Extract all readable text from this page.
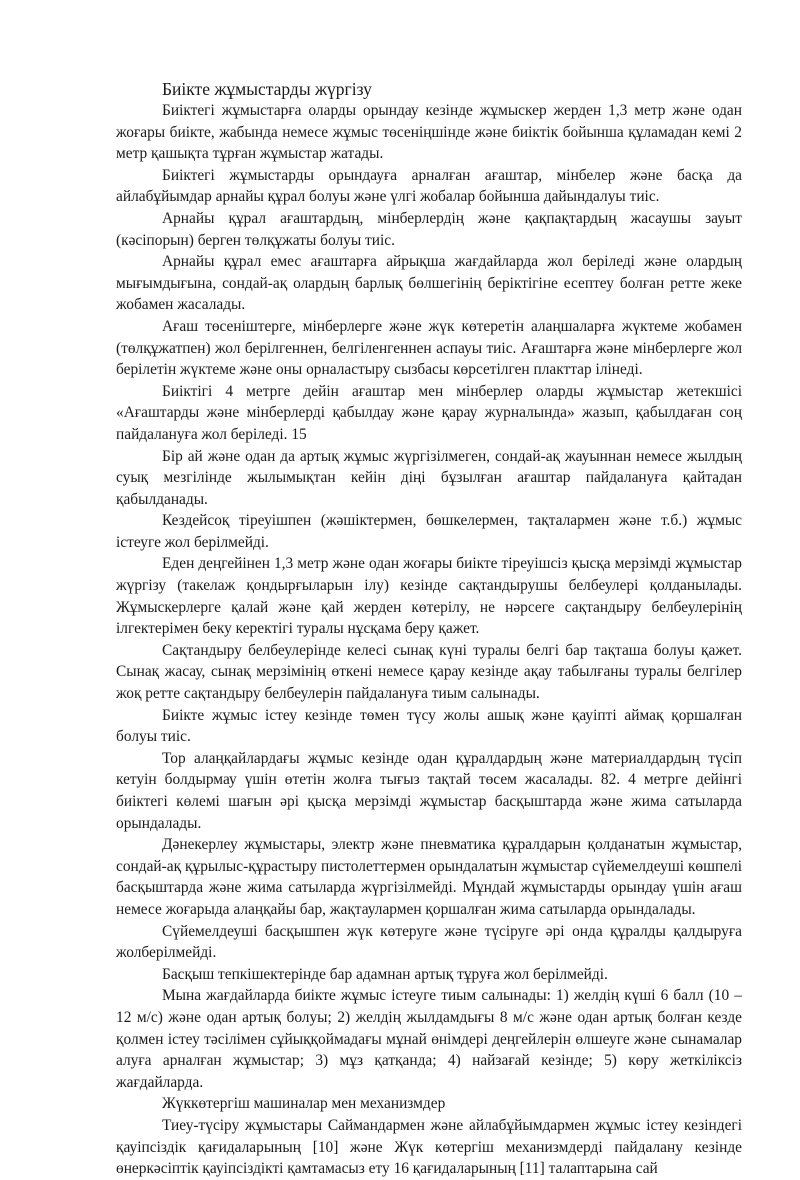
Биікте жұмыстарды жүргізу

Биіктегі жұмыстарға оларды орындау кезінде жұмыскер жерден 1,3 метр және одан жоғары биікте, жабында немесе жұмыс төсеніңшінде және биіктік бойынша құламадан кемі 2 метр қашықта тұрған жұмыстар жатады.

Биіктегі жұмыстарды орындауға арналған ағаштар, мінбелер және басқа да айлабұйымдар арнайы құрал болуы және үлгі жобалар бойынша дайындалуы тиіс.

Арнайы құрал ағаштардың, мінберлердің және қақпақтардың жасаушы зауыт (кәсіпорын) берген төлқұжаты болуы тиіс.

Арнайы құрал емес ағаштарға айрықша жағдайларда жол беріледі және олардың мығымдығына, сондай-ақ олардың барлық бөлшегінің беріктігіне есептеу болған ретте жеке жобамен жасалады.

Ағаш төсеніштерге, мінберлерге және жүк көтеретін алаңшаларға жүктеме жобамен (төлқұжатпен) жол берілгеннен, белгіленгеннен аспауы тиіс. Ағаштарға және мінберлерге жол берілетін жүктеме және оны орналастыру сызбасы көрсетілген плакттар ілінеді.

Биіктігі 4 метрге дейін ағаштар мен мінберлер оларды жұмыстар жетекшісі «Ағаштарды және мінберлерді қабылдау және қарау журналында» жазып, қабылдаған соң пайдалануға жол беріледі. 15

Бір ай және одан да артық жұмыс жүргізілмеген, сондай-ақ жауыннан немесе жылдың суық мезгілінде жылымықтан кейін діңі бұзылған ағаштар пайдалануға қайтадан қабылданады.

Кездейсоқ тіреуішпен (жәшіктермен, бөшкелермен, тақталармен және т.б.) жұмыс істеуге жол берілмейді.

Еден деңгейінен 1,3 метр және одан жоғары биікте тіреуішсіз қысқа мерзімді жұмыстар жүргізу (такелаж қондырғыларын ілу) кезінде сақтандырушы белбеулері қолданылады. Жұмыскерлерге қалай және қай жерден көтерілу, не нәрсеге сақтандыру белбеулерінің ілгектерімен беку керектігі туралы нұсқама беру қажет.

Сақтандыру белбеулерінде келесі сынақ күні туралы белгі бар тақташа болуы қажет. Сынақ жасау, сынақ мерзімінің өткені немесе қарау кезінде ақау табылғаны туралы белгілер жоқ ретте сақтандыру белбеулерін пайдалануға тиым салынады.

Биікте жұмыс істеу кезінде төмен түсу жолы ашық және қауіпті аймақ қоршалған болуы тиіс.

Тор алаңқайлардағы жұмыс кезінде одан құралдардың және материалдардың түсіп кетуін болдырмау үшін өтетін жолға тығыз тақтай төсем жасалады. 82. 4 метрге дейінгі биіктегі көлемі шағын әрі қысқа мерзімді жұмыстар басқыштарда және жима сатыларда орындалады.

Дәнекерлеу жұмыстары, электр және пневматика құралдарын қолданатын жұмыстар, сондай-ақ құрылыс-құрастыру пистолеттермен орындалатын жұмыстар сүйемелдеуші көшпелі басқыштарда және жима сатыларда жүргізілмейді. Мұндай жұмыстарды орындау үшін ағаш немесе жоғарыда алаңқайы бар, жақтаулармен қоршалған жима сатыларда орындалады.

Сүйемелдеуші басқышпен жүк көтеруге және түсіруге әрі онда құралды қалдыруға жолберілмейді.

Басқыш тепкішектерінде бар адамнан артық тұруға жол берілмейді.

Мына жағдайларда биікте жұмыс істеуге тиым салынады: 1) желдің күші 6 балл (10 – 12 м/с) және одан артық болуы; 2) желдің жылдамдығы 8 м/с және одан артық болған кезде қолмен істеу тәсілімен сұйыққоймадағы мұнай өнімдері деңгейлерін өлшеуге және сынамалар алуға арналған жұмыстар; 3) мұз қатқанда; 4) найзағай кезінде; 5) көру жеткіліксіз жағдайларда.

Жүккөтергіш машиналар мен механизмдер

Тиеу-түсіру жұмыстары Саймандармен және айлабұйымдармен жұмыс істеу кезіндегі қауіпсіздік қағидаларының [10] және Жүк көтергіш механизмдерді пайдалану кезінде өнеркәсіптік қауіпсіздікті қамтамасыз ету 16 қағидаларының [11] талаптарына сай
